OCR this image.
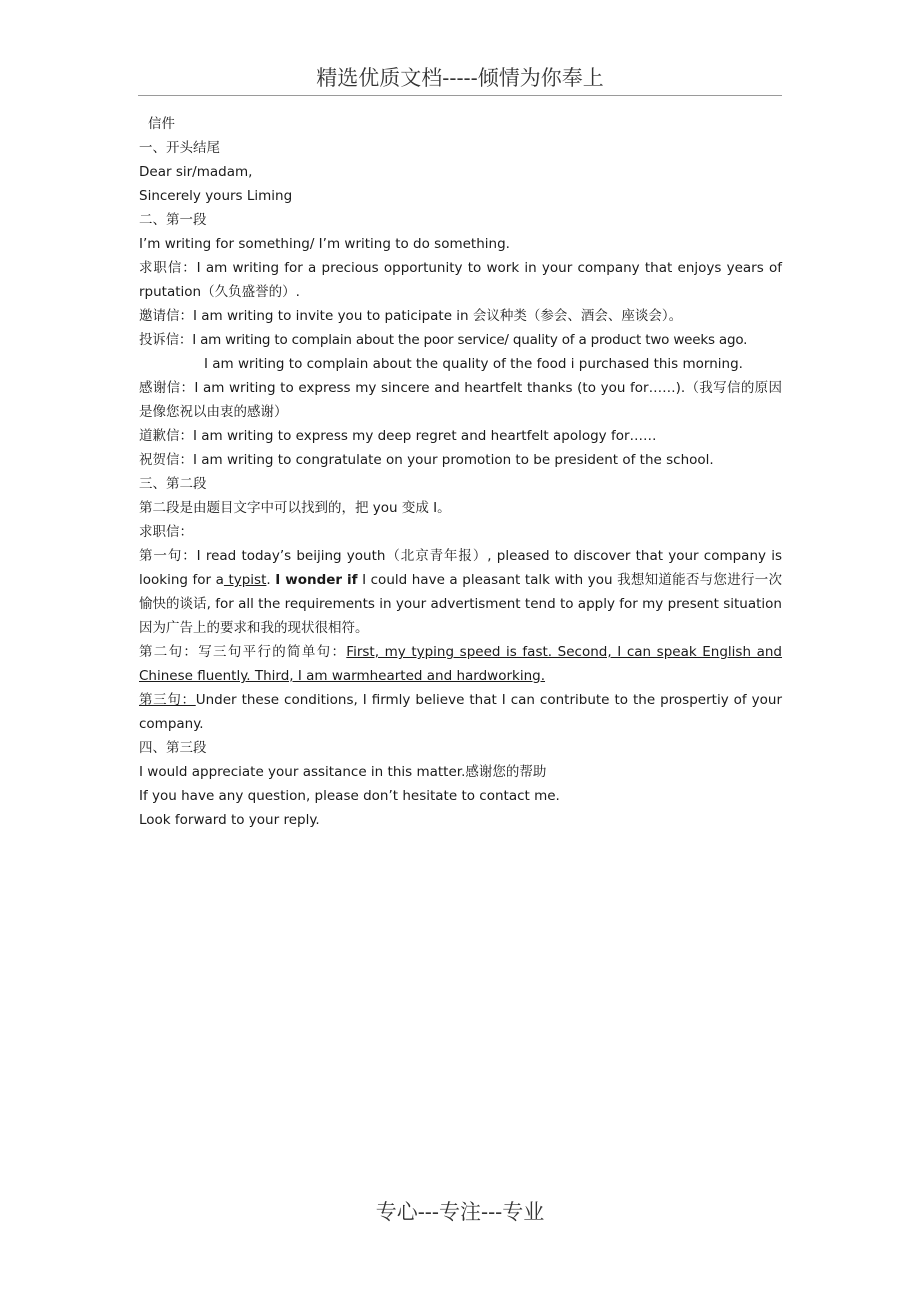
精选优质文档-----倾情为你奉上
信件
一、开头结尾
Dear sir/madam,
Sincerely yours Liming
二、第一段
I’m writing for something/ I’m writing to do something.
求职信：I am writing for a precious opportunity to work in your company that enjoys years of rputation（久负盛誉的）.
邀请信：I am writing to invite you to paticipate in 会议种类（参会、酒会、座谈会）。
投诉信：I am writing to complain about the poor service/ quality of a product two weeks ago.
I am writing to complain about the quality of the food i purchased this morning.
感谢信：I am writing to express my sincere and heartfelt thanks (to you for……).（我写信的原因是像您祝以由衷的感谢）
道歉信：I am writing to express my deep regret and heartfelt apology for……
祝贺信：I am writing to congratulate on your promotion to be president of the school.
三、第二段
第二段是由题目文字中可以找到的，把 you 变成 I。
求职信：
第一句：I read today’s beijing youth（北京青年报）, pleased to discover that your company is looking for a typist. I wonder if I could have a pleasant talk with you 我想知道能否与您进行一次愉快的谈话, for all the requirements in your advertisment tend to apply for my present situation 因为广告上的要求和我的现状很相符。
第二句：写三句平行的简单句：First, my typing speed is fast. Second, I can speak English and Chinese fluently. Third, I am warmhearted and hardworking.
第三句：Under these conditions, I firmly believe that I can contribute to the prospertiy of your company.
四、第三段
I would appreciate your assitance in this matter.感谢您的帮助
If you have any question, please don’t hesitate to contact me.
Look forward to your reply.
专心---专注---专业
